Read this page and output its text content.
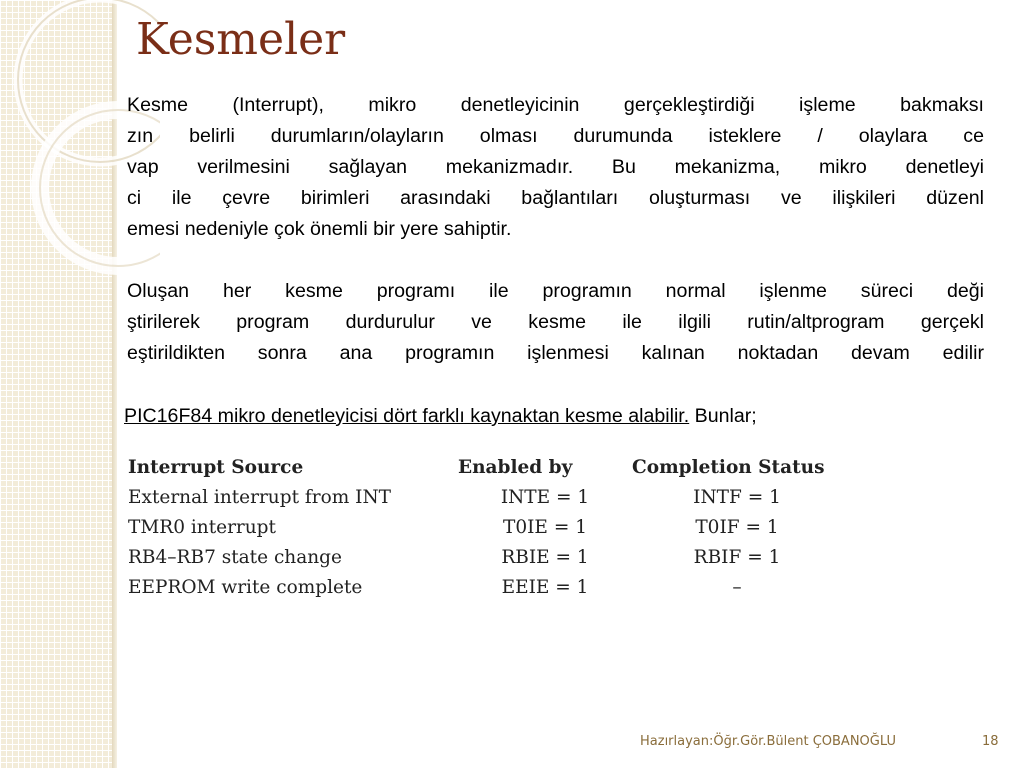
Kesmeler

Kesme (Interrupt), mikro denetleyicinin gerçekleştirdiği işleme bakmaksı
zın belirli durumların/olayların olması durumunda isteklere / olaylara ce
vap verilmesini sağlayan mekanizmadır. Bu mekanizma, mikro denetleyi
ci ile çevre birimleri arasındaki bağlantıları oluşturması ve ilişkileri düzenl
emesi nedeniyle çok önemli bir yere sahiptir.

Oluşan her kesme programı ile programın normal işlenme süreci deği
ştirilerek program durdurulur ve kesme ile ilgili rutin/altprogram gerçekl
eştirildikten sonra ana programın işlenmesi kalınan noktadan devam edilir

PIC16F84 mikro denetleyicisi dört farklı kaynaktan kesme alabilir. Bunlar;

Interrupt Source	Enabled by	Completion Status
External interrupt from INT	INTE = 1	INTF = 1
TMR0 interrupt	T0IE = 1	T0IF = 1
RB4–RB7 state change	RBIE = 1	RBIF = 1
EEPROM write complete	EEIE = 1	–
Hazırlayan:Öğr.Gör.Bülent ÇOBANOĞLU	18
